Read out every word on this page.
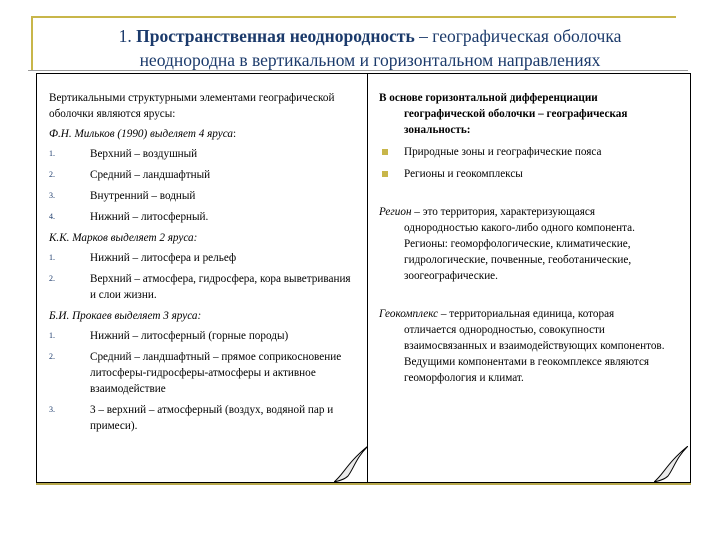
1. Пространственная неоднородность – географическая оболочка
неоднородна в вертикальном и горизонтальном направлениях

Вертикальными структурными элементами географической оболочки являются ярусы:

Ф.Н. Мильков (1990) выделяет 4 яруса:

1.	Верхний – воздушный
2.	Средний – ландшафтный
3.	Внутренний – водный
4.	Нижний – литосферный.

К.К. Марков выделяет 2 яруса:

1.	Нижний – литосфера и рельеф
2.	Верхний – атмосфера, гидросфера, кора выветривания и слои жизни.

Б.И. Прокаев выделяет 3 яруса:

1.	Нижний – литосферный (горные породы)
2.	Средний – ландшафтный – прямое соприкосновение литосферы-гидросферы-атмосферы и активное взаимодействие
3.	3 – верхний – атмосферный (воздух, водяной пар и примеси).

В основе горизонтальной дифференциации географической оболочки – географическая зональность:

Природные зоны и географические пояса
Регионы и геокомплексы

Регион – это территория, характеризующаяся однородностью какого-либо одного компонента. Регионы: геоморфологические, климатические, гидрологические, почвенные, геоботанические, зоогеографические.

Геокомплекс – территориальная единица, которая отличается однородностью, совокупности взаимосвязанных и взаимодействующих компонентов. Ведущими компонентами в геокомплексе являются геоморфология и климат.
